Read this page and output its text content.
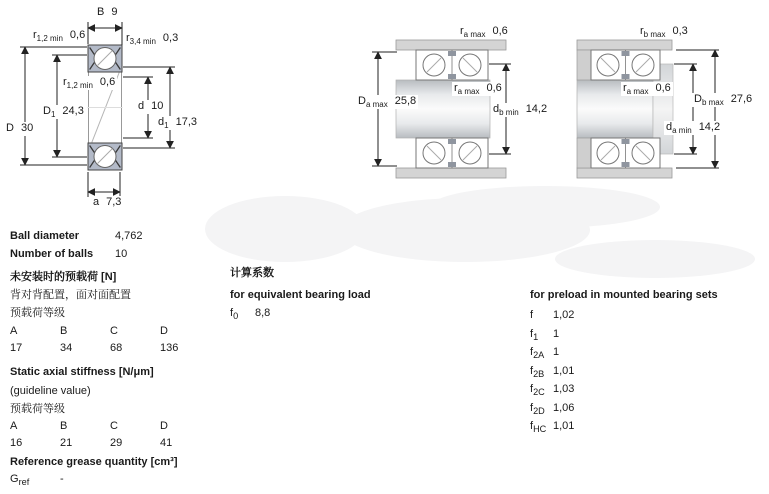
B 9
$r_{1,2 min}$ 0,6	$r_{3,4 min}$ 0,3
$r_{1,2 min}$ 0,6
$D_1$ 24,3
D 30
d 10
$d_1$ 17,3
a 7,3
$r_{a max}$ 0,6
$D_{a max}$ 25,8
$r_{a max}$ 0,6
$d_{b min}$ 14,2
$r_{b max}$ 0,3
$r_{a max}$ 0,6
$D_{b max}$ 27,6
$d_{a min}$ 14,2
Ball diameter	4,762
Number of balls 10
未安装时的预载荷 [N]
背对背配置，面对面配置
预载荷等级
A	B	C	D
17	34	68	136
Static axial stiffness [N/μm]
(guideline value)
预载荷等级
A	B	C	D
16	21	29	41
Reference grease quantity [cm³]
$G_{ref}$	-
计算系数
for equivalent bearing load
$f_0$ 8,8
for preload in mounted bearing sets
f 1,02
$f_1$ 1
$f_{2A}$ 1
$f_{2B}$ 1,01
$f_{2C}$ 1,03
$f_{2D}$ 1,06
$f_{HC}$ 1,01
